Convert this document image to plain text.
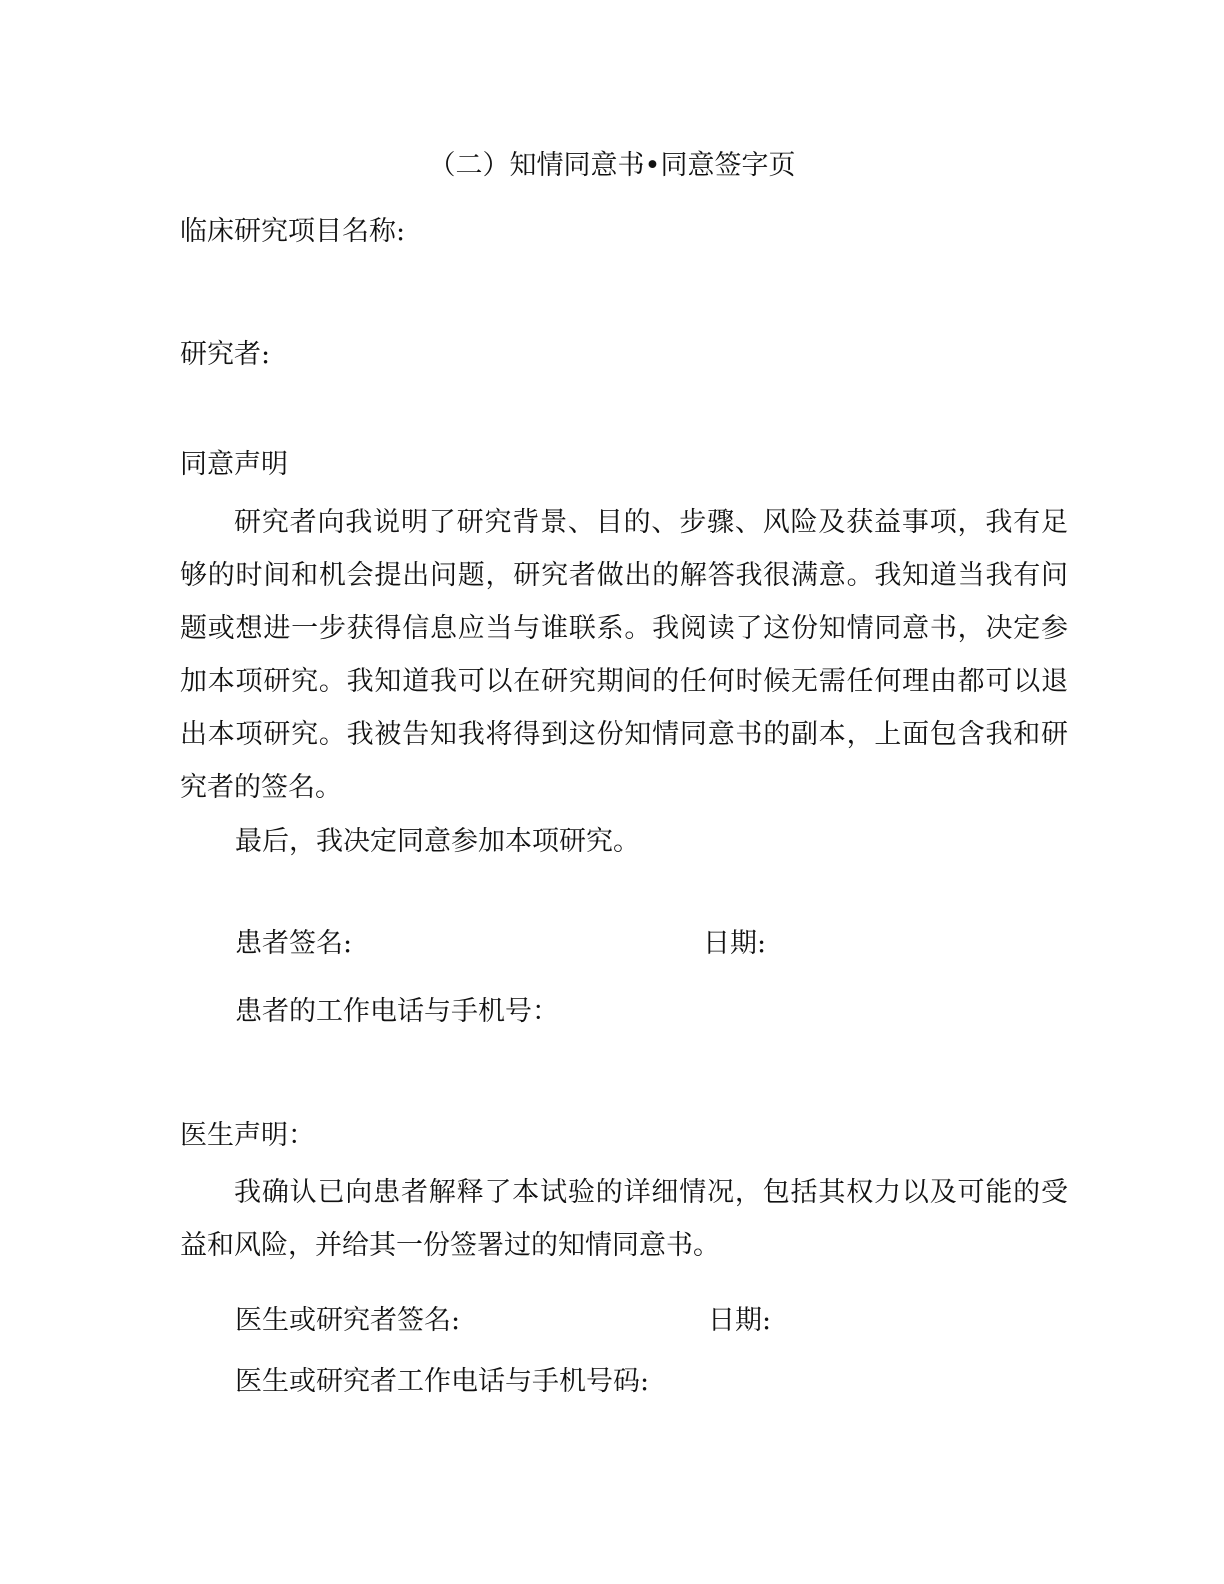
（二）知情同意书•同意签字页
临床研究项目名称:
研究者:
同意声明
研究者向我说明了研究背景、目的、步骤、风险及获益事项，我有足够的时间和机会提出问题，研究者做出的解答我很满意。我知道当我有问题或想进一步获得信息应当与谁联系。我阅读了这份知情同意书，决定参加本项研究。我知道我可以在研究期间的任何时候无需任何理由都可以退出本项研究。我被告知我将得到这份知情同意书的副本，上面包含我和研究者的签名。
最后，我决定同意参加本项研究。
患者签名:	日期:
患者的工作电话与手机号：
医生声明：
我确认已向患者解释了本试验的详细情况，包括其权力以及可能的受益和风险，并给其一份签署过的知情同意书。
医生或研究者签名:	日期:
医生或研究者工作电话与手机号码:
